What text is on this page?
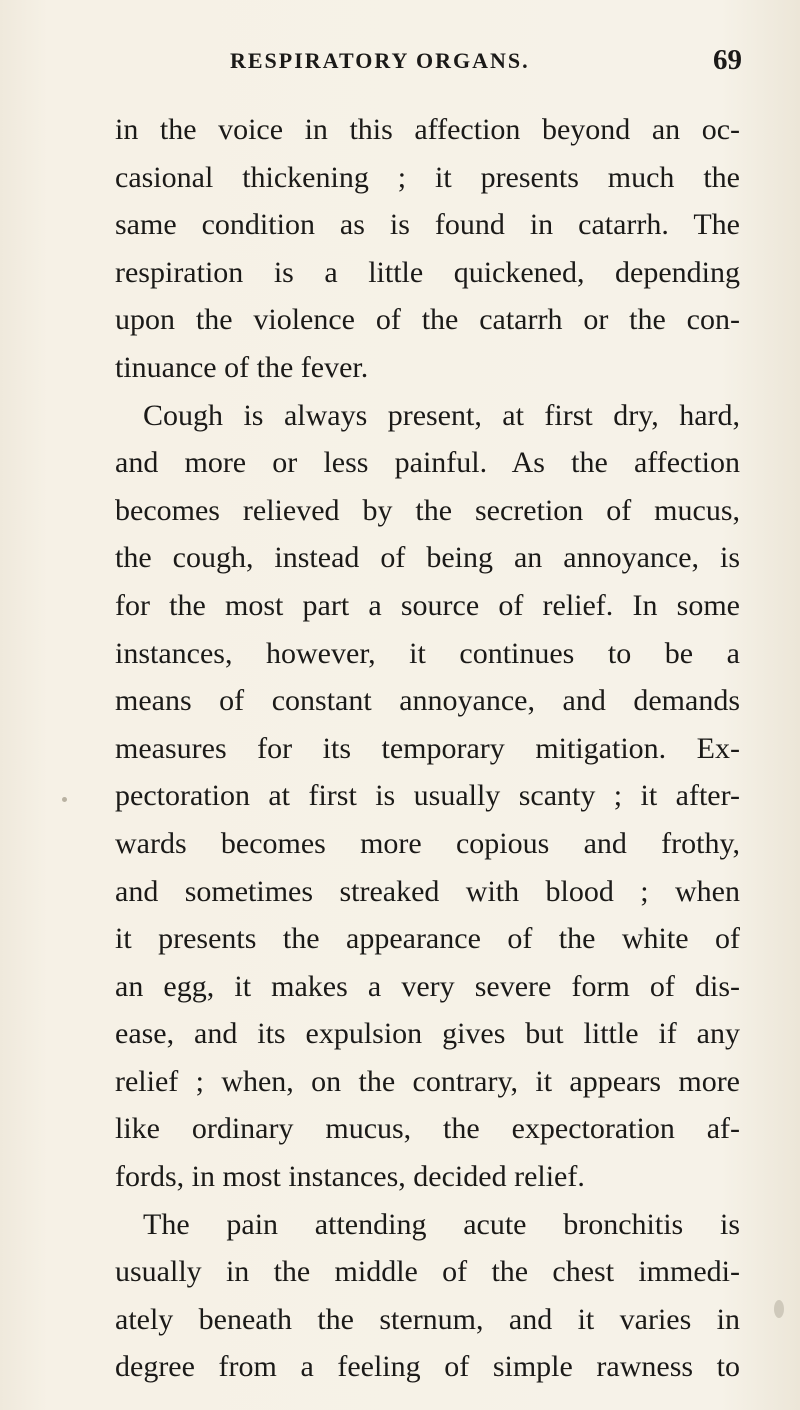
RESPIRATORY ORGANS.	69
in the voice in this affection beyond an oc-
casional thickening ; it presents much the
same condition as is found in catarrh. The
respiration is a little quickened, depending
upon the violence of the catarrh or the con-
tinuance of the fever.
Cough is always present, at first dry, hard,
and more or less painful. As the affection
becomes relieved by the secretion of mucus,
the cough, instead of being an annoyance, is
for the most part a source of relief. In some
instances, however, it continues to be a
means of constant annoyance, and demands
measures for its temporary mitigation. Ex-
pectoration at first is usually scanty ; it after-
wards becomes more copious and frothy,
and sometimes streaked with blood ; when
it presents the appearance of the white of
an egg, it makes a very severe form of dis-
ease, and its expulsion gives but little if any
relief ; when, on the contrary, it appears more
like ordinary mucus, the expectoration af-
fords, in most instances, decided relief.
The pain attending acute bronchitis is
usually in the middle of the chest immedi-
ately beneath the sternum, and it varies in
degree from a feeling of simple rawness to
